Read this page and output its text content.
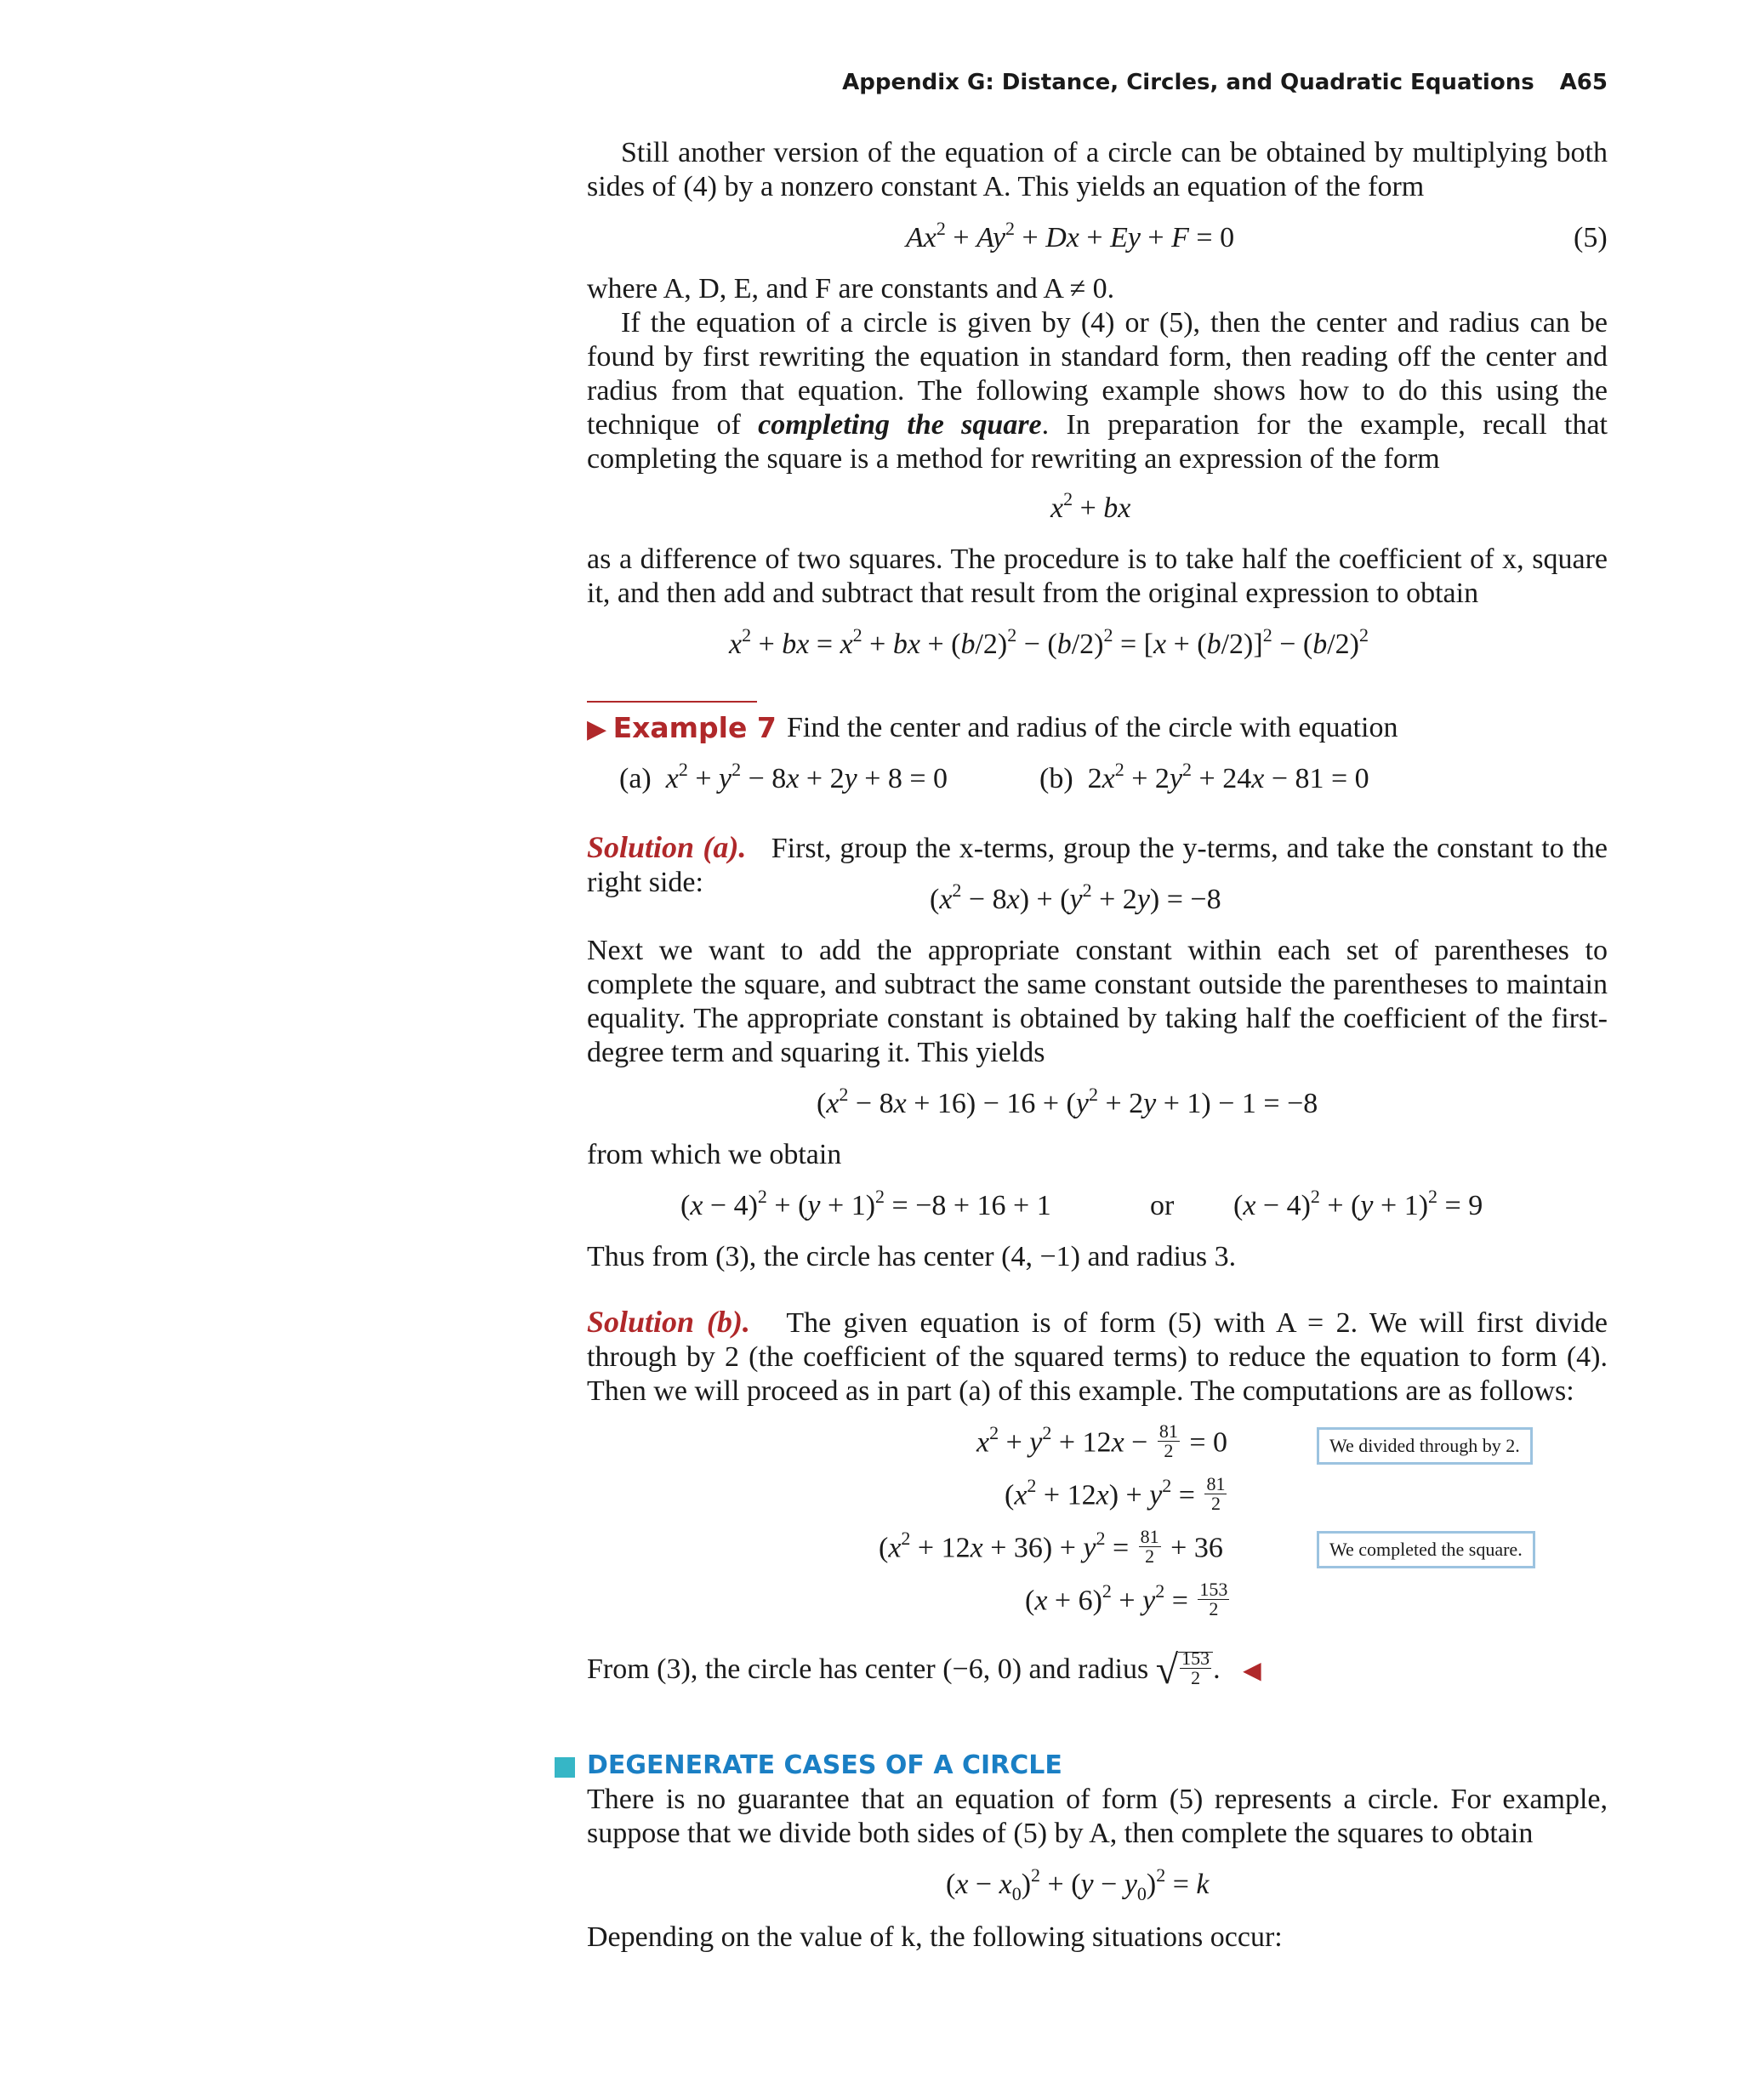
Appendix G: Distance, Circles, and Quadratic Equations A65
Still another version of the equation of a circle can be obtained by multiplying both sides of (4) by a nonzero constant A. This yields an equation of the form
$Ax^2 + Ay^2 + Dx + Ey + F = 0$	(5)
where A, D, E, and F are constants and A ≠ 0.
If the equation of a circle is given by (4) or (5), then the center and radius can be found by first rewriting the equation in standard form, then reading off the center and radius from that equation. The following example shows how to do this using the technique of completing the square. In preparation for the example, recall that completing the square is a method for rewriting an expression of the form
$x^2$ + bx
as a difference of two squares. The procedure is to take half the coefficient of x, square it, and then add and subtract that result from the original expression to obtain
$x^2$ + bx = $x^2$ + bx + $(b/2)^2 - (b/2)^2 = [x + (b/2)]^2 - (b/2)^2$
▶ Example 7 Find the center and radius of the circle with equation
(a) $x^2 + y^2 - 8x + 2y + 8 = 0$	(b)  $2x^2 + 2y^2 + 24x - 81 = 0$
Solution (a). First, group the x-terms, group the y-terms, and take the constant to the right side:
$(x^2 - 8x) + (y^2 + 2y) = -8$
Next we want to add the appropriate constant within each set of parentheses to complete the square, and subtract the same constant outside the parentheses to maintain equality. The appropriate constant is obtained by taking half the coefficient of the first-degree term and squaring it. This yields
$(x^2 - 8x + 16) - 16 + (y^2 + 2y + 1) - 1 = -8$
from which we obtain
$(x - 4)^2 + (y + 1)^2 = -8 + 16 + 1$	or $(x - 4)^2 + (y + 1)^2 = 9$
Thus from (3), the circle has center (4, −1) and radius 3.
Solution (b). The given equation is of form (5) with A = 2. We will first divide through by 2 (the coefficient of the squared terms) to reduce the equation to form (4). Then we will proceed as in part (a) of this example. The computations are as follows:
$x^2 + y^2 + 12x - \frac{81}{2} = 0$	We divided through by 2.
$(x^2 + 12x) + y^2 = \frac{81}{2}$
$(x^2 + 12x + 36) + y^2 = \frac{81}{2} + 36$	We completed the square.
$(x + 6)^2 + y^2 = \frac{153}{2}$
From (3), the circle has center (−6, 0) and radius √ $\frac{153}{2}$ . ◀
DEGENERATE CASES OF A CIRCLE
There is no guarantee that an equation of form (5) represents a circle. For example, suppose that we divide both sides of (5) by A, then complete the squares to obtain
$(x - x_0)^2 + (y - y_0)^2 = k$
Depending on the value of k, the following situations occur:
